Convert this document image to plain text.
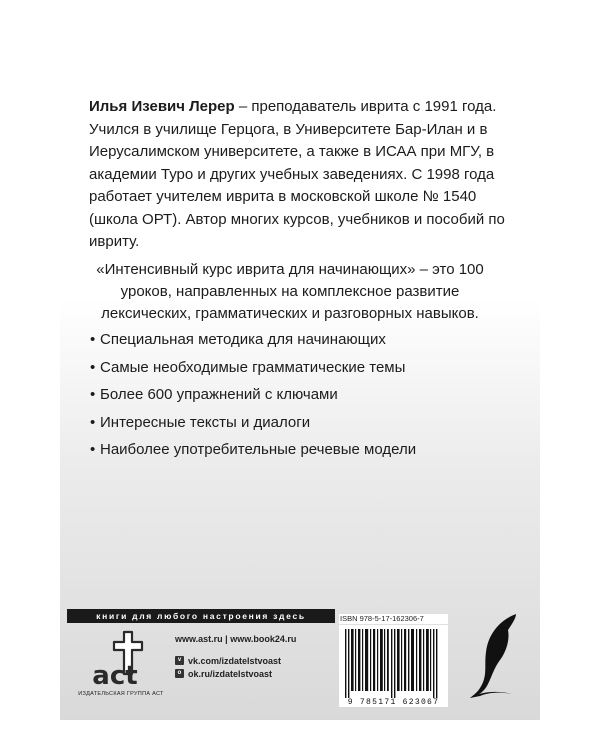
Илья Изевич Лерер – преподаватель иврита с 1991 года. Учился в училище Герцога, в Университете Бар-Илан и в Иерусалимском университете, а также в ИСАА при МГУ, в академии Туро и других учебных заведениях. С 1998 года работает учителем иврита в московской школе № 1540 (школа ОРТ). Автор многих курсов, учебников и пособий по ивриту.

«Интенсивный курс иврита для начинающих» – это 100 уроков, направленных на комплексное развитие лексических, грамматических и разговорных навыков.

• Специальная методика для начинающих
• Самые необходимые грамматические темы
• Более 600 упражнений с ключами
• Интересные тексты и диалоги
• Наиболее употребительные речевые модели
книги для любого настроения здесь
act
ИЗДАТЕЛЬСКАЯ ГРУППА АСТ
www.ast.ru | www.book24.ru
v vk.com/izdatelstvoast
o ok.ru/izdatelstvoast
ISBN 978-5-17-162306-7
9 785171 623067
